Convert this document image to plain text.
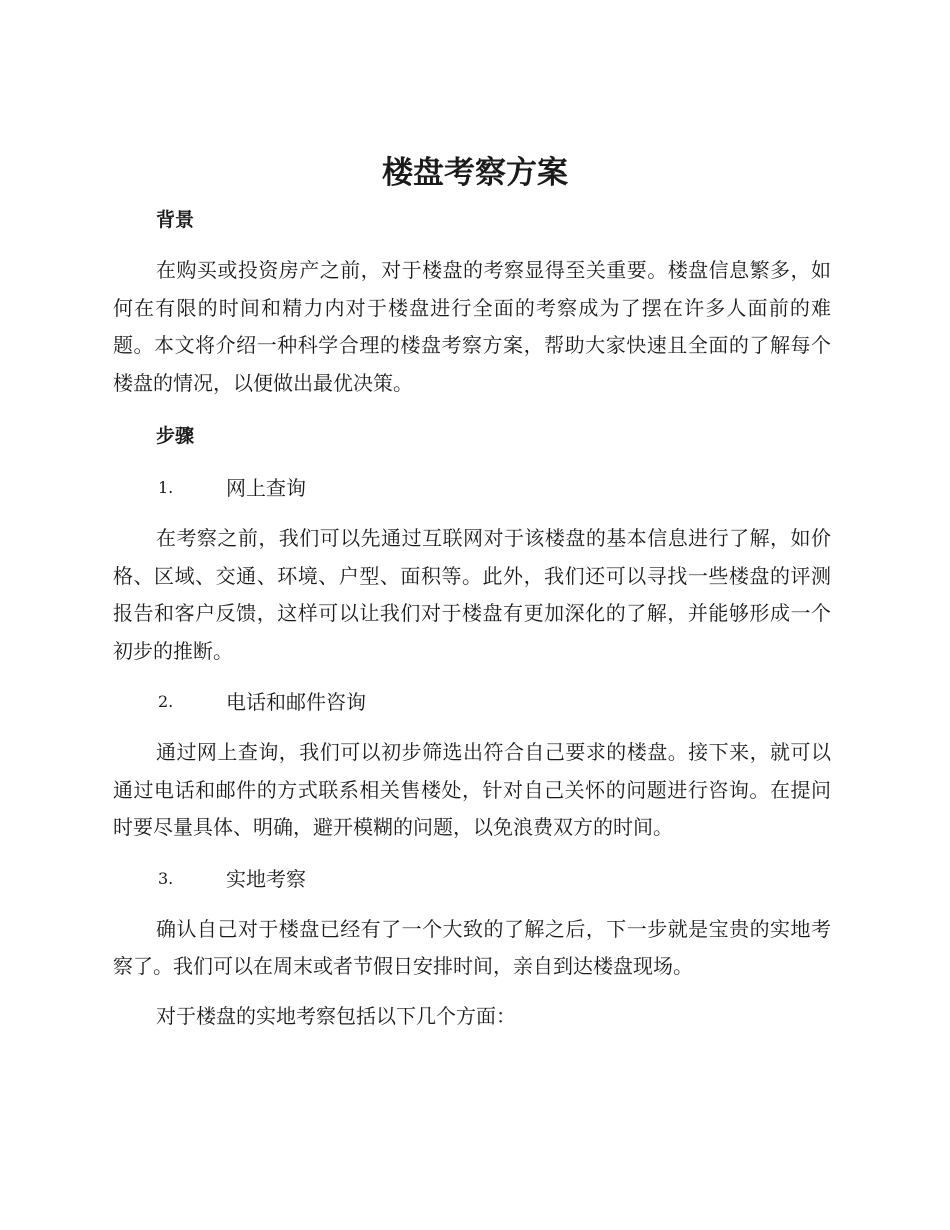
楼盘考察方案

背景

在购买或投资房产之前，对于楼盘的考察显得至关重要。楼盘信息繁多，如何在有限的时间和精力内对于楼盘进行全面的考察成为了摆在许多人面前的难题。本文将介绍一种科学合理的楼盘考察方案，帮助大家快速且全面的了解每个楼盘的情况，以便做出最优决策。

步骤

1.	网上查询

在考察之前，我们可以先通过互联网对于该楼盘的基本信息进行了解，如价格、区域、交通、环境、户型、面积等。此外，我们还可以寻找一些楼盘的评测报告和客户反馈，这样可以让我们对于楼盘有更加深化的了解，并能够形成一个初步的推断。

2.	电话和邮件咨询

通过网上查询，我们可以初步筛选出符合自己要求的楼盘。接下来，就可以通过电话和邮件的方式联系相关售楼处，针对自己关怀的问题进行咨询。在提问时要尽量具体、明确，避开模糊的问题，以免浪费双方的时间。

3.	实地考察

确认自己对于楼盘已经有了一个大致的了解之后，下一步就是宝贵的实地考察了。我们可以在周末或者节假日安排时间，亲自到达楼盘现场。

对于楼盘的实地考察包括以下几个方面：
